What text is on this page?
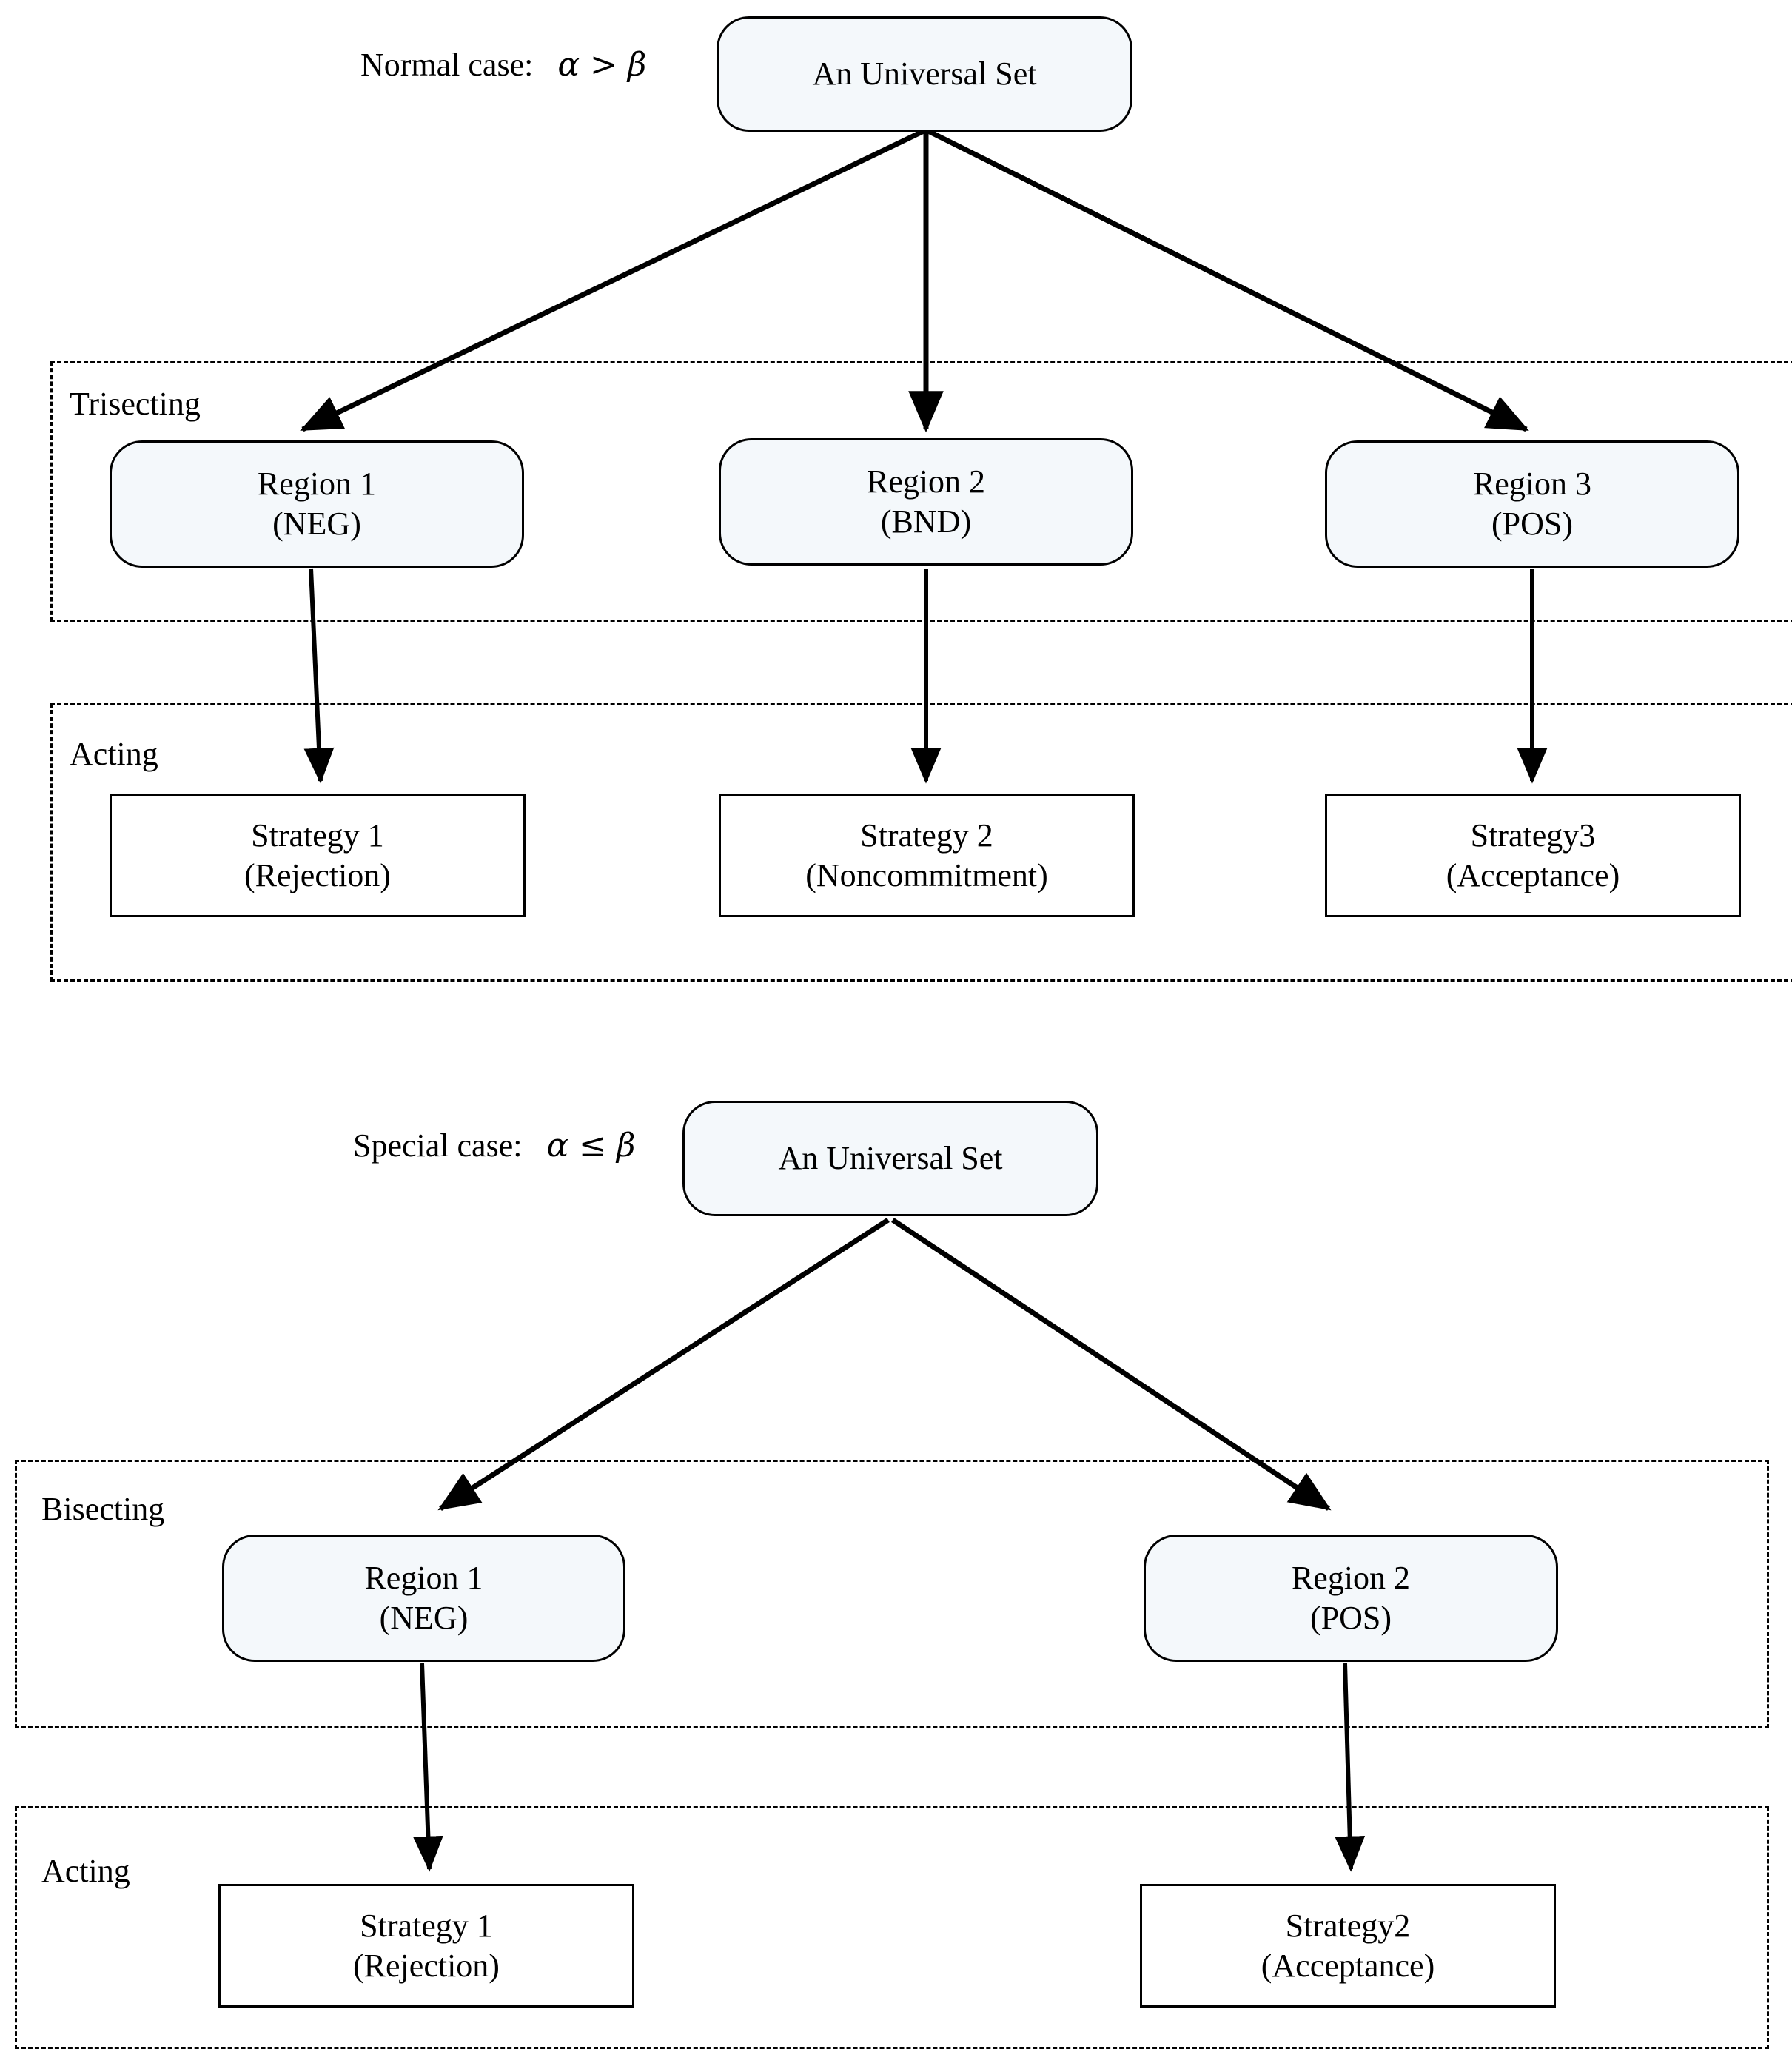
Normal case: α > β	An Universal Set
Trisecting
Region 1
(NEG)
Region 2
(BND)
Region 3
(POS)
Acting
Strategy 1
(Rejection)
Strategy 2
(Noncommitment)
Strategy3
(Acceptance)
Special case: α ≤ β	An Universal Set
Bisecting
Region 1
(NEG)
Region 2
(POS)
Acting
Strategy 1
(Rejection)
Strategy2
(Acceptance)
